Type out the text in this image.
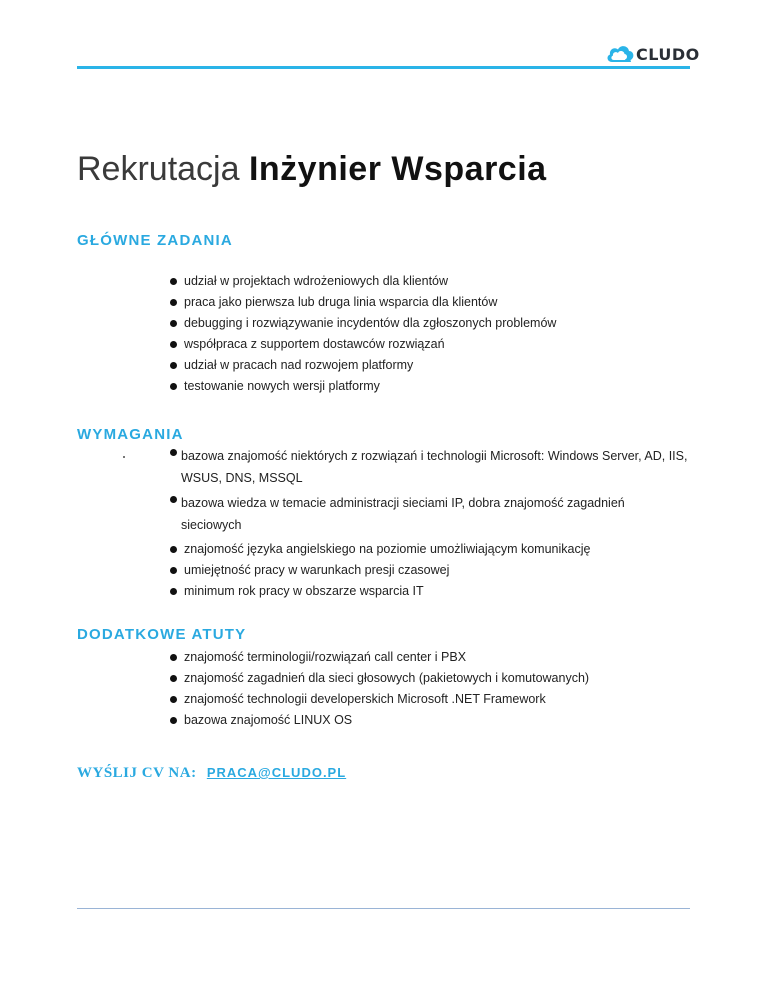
CLUDO
Rekrutacja Inżynier Wsparcia
GŁÓWNE ZADANIA
udział w projektach wdrożeniowych dla klientów
praca jako pierwsza lub druga linia wsparcia dla klientów
debugging i rozwiązywanie incydentów dla zgłoszonych problemów
współpraca z supportem dostawców rozwiązań
udział w pracach nad rozwojem platformy
testowanie nowych wersji platformy
WYMAGANIA
bazowa znajomość niektórych z rozwiązań i technologii Microsoft: Windows Server, AD, IIS,
WSUS, DNS, MSSQL
bazowa wiedza w temacie administracji sieciami IP, dobra znajomość zagadnień
sieciowych
znajomość języka angielskiego na poziomie umożliwiającym komunikację
umiejętność pracy w warunkach presji czasowej
minimum rok pracy w obszarze wsparcia IT
DODATKOWE ATUTY
znajomość terminologii/rozwiązań call center i PBX
znajomość zagadnień dla sieci głosowych (pakietowych i komutowanych)
znajomość technologii developerskich Microsoft .NET Framework
bazowa znajomość LINUX OS
WYŚLIJ CV NA: PRACA@CLUDO.PL
